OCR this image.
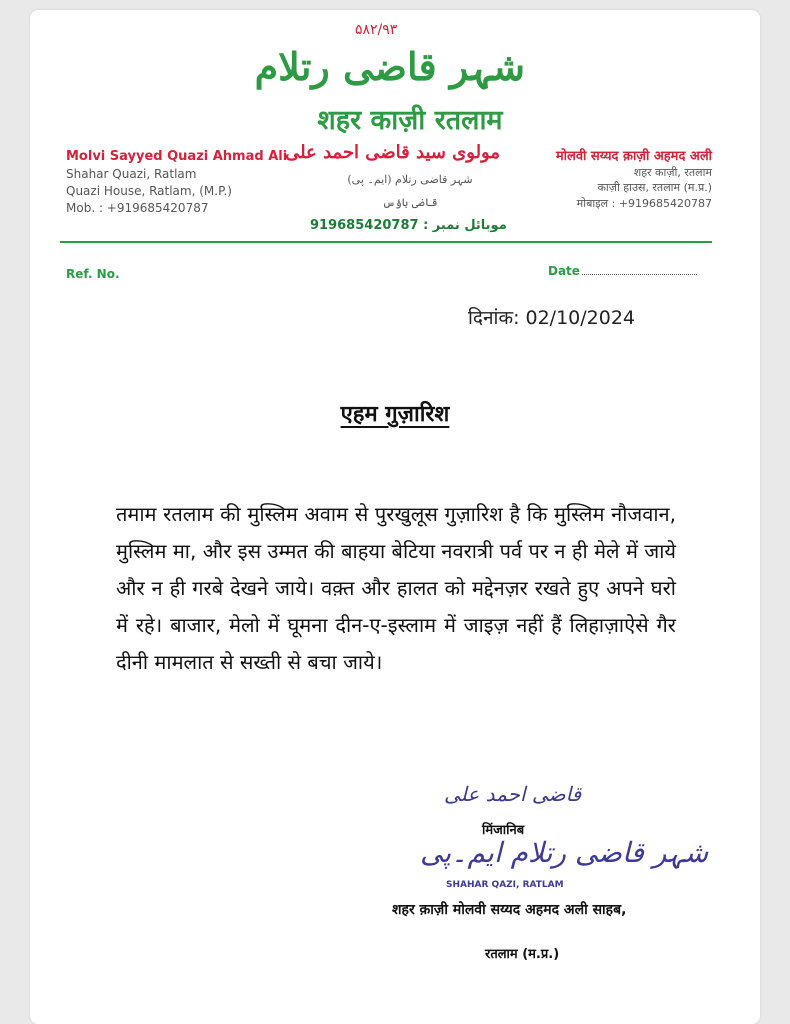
۵۸۲/۹۳
شہر قاضی رتلام
शहर काज़ी रतलाम
Molvi Sayyed Quazi Ahmad Ali
Shahar Quazi, Ratlam
Quazi House, Ratlam, (M.P.)
Mob. : +919685420787
مولوی سید قاضی احمد علی
شہر قاضی رتلام (ایم۔ پی)
قاضی ہاؤس
919685420787 : موبائل نمبر
मोलवी सय्यद क़ाज़ी अहमद अली
शहर काज़ी, रतलाम
काज़ी हाउस, रतलाम (म.प्र.)
मोबाइल : +919685420787
Ref. No.	Date
दिनांक: 02/10/2024
एहम गुज़ारिश
तमाम रतलाम की मुस्लिम अवाम से पुरखुलूस गुज़ारिश है कि मुस्लिम नौजवान, मुस्लिम मा, और इस उम्मत की बाहया बेटिया नवरात्री पर्व पर न ही मेले में जाये और न ही गरबे देखने जाये। वक़्त और हालत को मद्देनज़र रखते हुए अपने घरो में रहे। बाजार, मेलो में घूमना दीन-ए-इस्लाम में जाइज़ नहीं हैं लिहाज़ाऐसे गैर दीनी मामलात से सख्ती से बचा जाये।
قاضی احمد علی
मिंजानिब
شہر قاضی رتلام ایم۔پی
SHAHAR QAZI, RATLAM
शहर क़ाज़ी मोलवी सय्यद अहमद अली साहब,
रतलाम (म.प्र.)
